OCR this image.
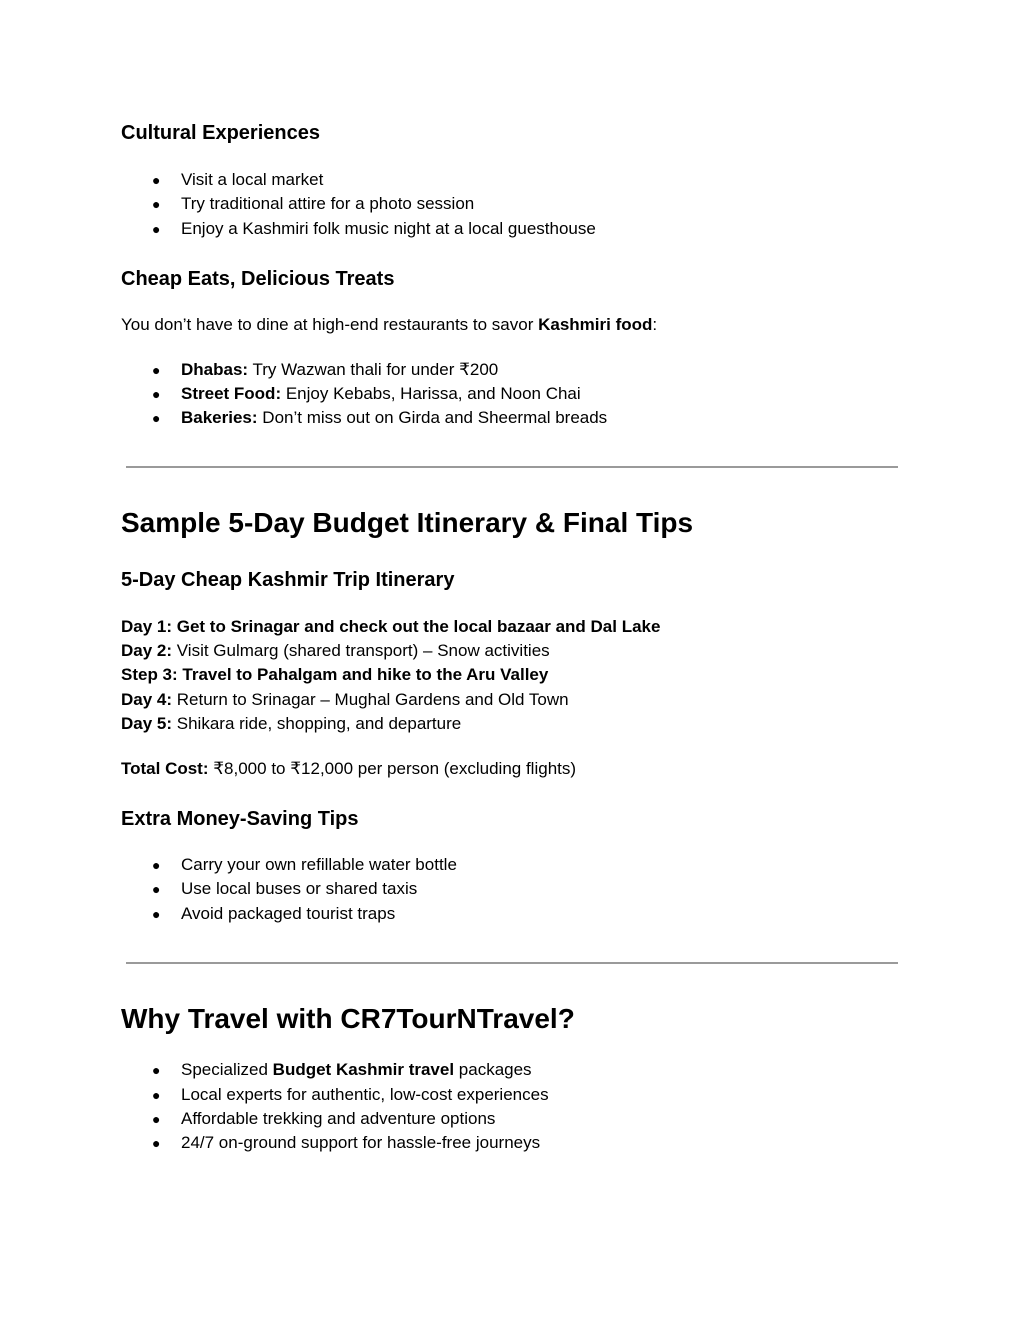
Cultural Experiences
● Visit a local market
● Try traditional attire for a photo session
● Enjoy a Kashmiri folk music night at a local guesthouse
Cheap Eats, Delicious Treats

You don’t have to dine at high-end restaurants to savor Kashmiri food:

● Dhabas: Try Wazwan thali for under ₹200
● Street Food: Enjoy Kebabs, Harissa, and Noon Chai
● Bakeries: Don’t miss out on Girda and Sheermal breads
Sample 5-Day Budget Itinerary & Final Tips
5-Day Cheap Kashmir Trip Itinerary
Day 1: Get to Srinagar and check out the local bazaar and Dal Lake
Day 2: Visit Gulmarg (shared transport) – Snow activities
Step 3: Travel to Pahalgam and hike to the Aru Valley
Day 4: Return to Srinagar – Mughal Gardens and Old Town
Day 5: Shikara ride, shopping, and departure
Total Cost: ₹8,000 to ₹12,000 per person (excluding flights)
Extra Money-Saving Tips
● Carry your own refillable water bottle
● Use local buses or shared taxis
● Avoid packaged tourist traps
Why Travel with CR7TourNTravel?
● Specialized Budget Kashmir travel packages
● Local experts for authentic, low-cost experiences
● Affordable trekking and adventure options
● 24/7 on-ground support for hassle-free journeys
